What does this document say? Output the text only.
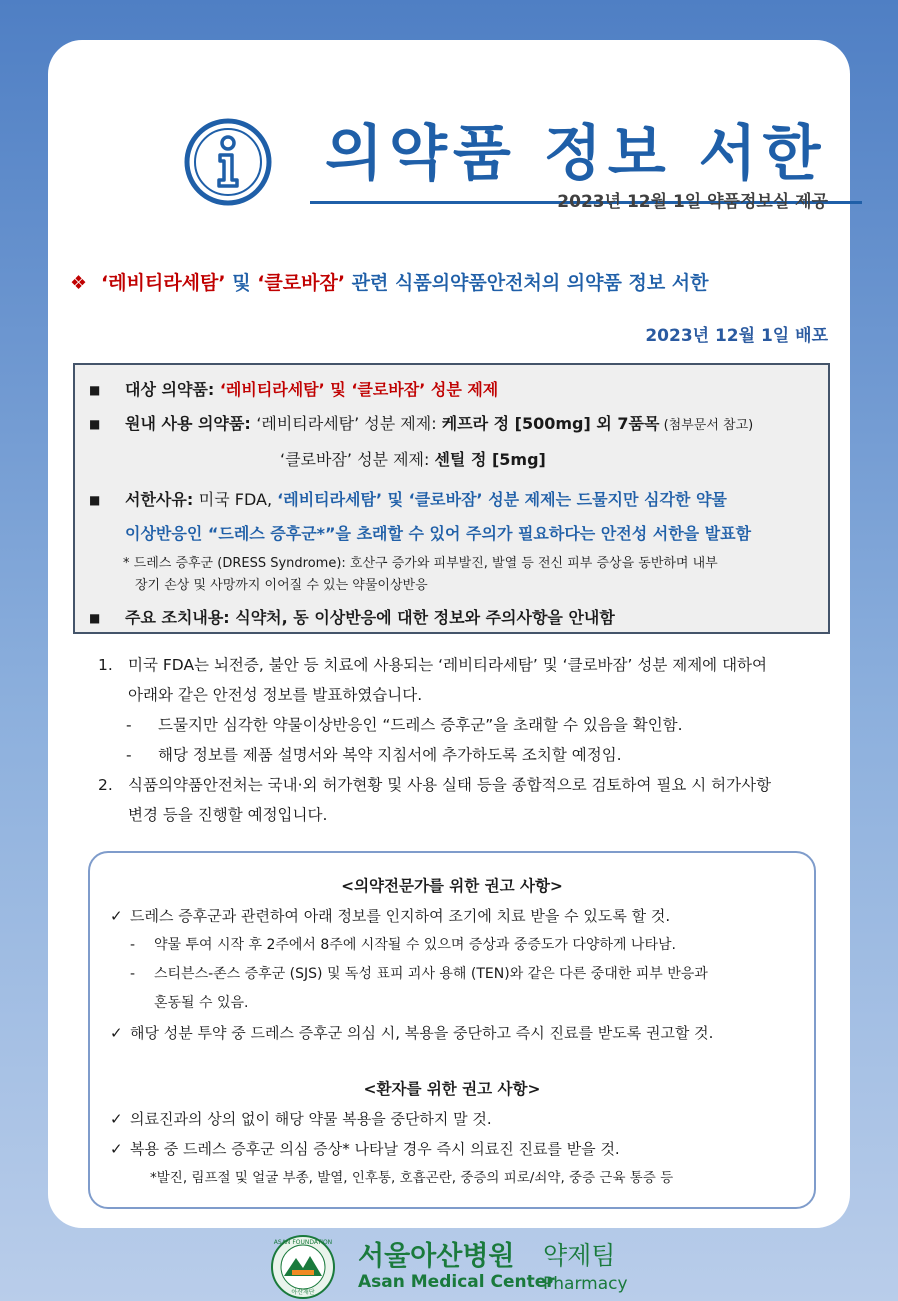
의약품 정보 서한
2023년 12월 1일 약품정보실 제공
❖ ‘레비티라세탐’ 및 ‘클로바잠’ 관련 식품의약품안전처의 의약품 정보 서한
2023년 12월 1일 배포
■ 대상 의약품: ‘레비티라세탐’ 및 ‘클로바잠’ 성분 제제
■ 원내 사용 의약품: ‘레비티라세탐’ 성분 제제: 케프라 정 [500mg] 외 7품목 (첨부문서 참고)
‘클로바잠’ 성분 제제: 센틸 정 [5mg]
■ 서한사유: 미국 FDA, ‘레비티라세탐’ 및 ‘클로바잠’ 성분 제제는 드물지만 심각한 약물
이상반응인 “드레스 증후군*”을 초래할 수 있어 주의가 필요하다는 안전성 서한을 발표함
* 드레스 증후군 (DRESS Syndrome): 호산구 증가와 피부발진, 발열 등 전신 피부 증상을 동반하며 내부
장기 손상 및 사망까지 이어질 수 있는 약물이상반응
■ 주요 조치내용: 식약처, 동 이상반응에 대한 정보와 주의사항을 안내함
1. 미국 FDA는 뇌전증, 불안 등 치료에 사용되는 ‘레비티라세탐’ 및 ‘클로바잠’ 성분 제제에 대하여
아래와 같은 안전성 정보를 발표하였습니다.
- 드물지만 심각한 약물이상반응인 “드레스 증후군”을 초래할 수 있음을 확인함.
- 해당 정보를 제품 설명서와 복약 지침서에 추가하도록 조치할 예정임.
2. 식품의약품안전처는 국내·외 허가현황 및 사용 실태 등을 종합적으로 검토하여 필요 시 허가사항
변경 등을 진행할 예정입니다.
<의약전문가를 위한 권고 사항>
✓ 드레스 증후군과 관련하여 아래 정보를 인지하여 조기에 치료 받을 수 있도록 할 것.
- 약물 투여 시작 후 2주에서 8주에 시작될 수 있으며 증상과 중증도가 다양하게 나타남.
- 스티븐스-존스 증후군 (SJS) 및 독성 표피 괴사 용해 (TEN)와 같은 다른 중대한 피부 반응과
혼동될 수 있음.
✓ 해당 성분 투약 중 드레스 증후군 의심 시, 복용을 중단하고 즉시 진료를 받도록 권고할 것.
<환자를 위한 권고 사항>
✓ 의료진과의 상의 없이 해당 약물 복용을 중단하지 말 것.
✓ 복용 중 드레스 증후군 의심 증상* 나타날 경우 즉시 의료진 진료를 받을 것.
*발진, 림프절 및 얼굴 부종, 발열, 인후통, 호흡곤란, 중증의 피로/쇠약, 중증 근육 통증 등
ASAN FOUNDATION
아산재단
서울아산병원
Asan Medical Center
약제팀
Pharmacy
